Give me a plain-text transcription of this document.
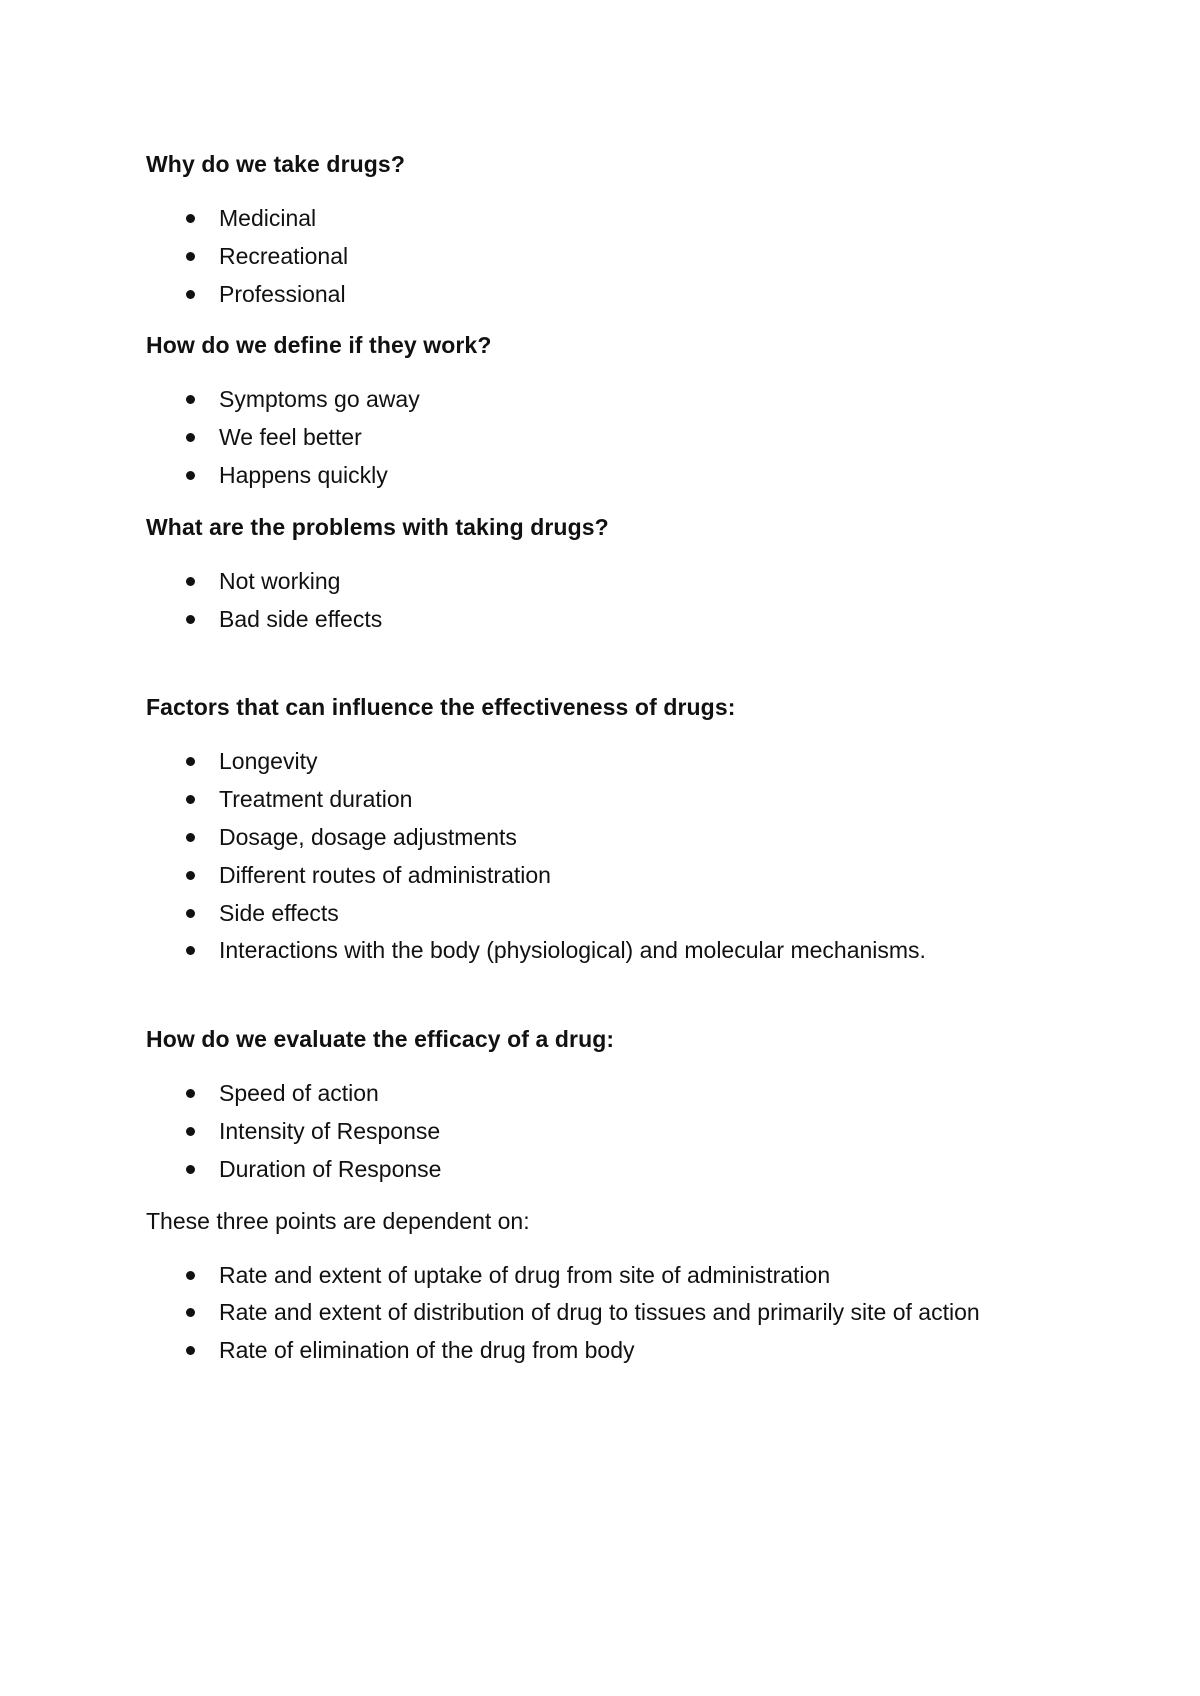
Why do we take drugs?
Medicinal
Recreational
Professional
How do we define if they work?
Symptoms go away
We feel better
Happens quickly
What are the problems with taking drugs?
Not working
Bad side effects
Factors that can influence the effectiveness of drugs:
Longevity
Treatment duration
Dosage, dosage adjustments
Different routes of administration
Side effects
Interactions with the body (physiological) and molecular mechanisms.
How do we evaluate the efficacy of a drug:
Speed of action
Intensity of Response
Duration of Response
These three points are dependent on:
Rate and extent of uptake of drug from site of administration
Rate and extent of distribution of drug to tissues and primarily site of action
Rate of elimination of the drug from body
